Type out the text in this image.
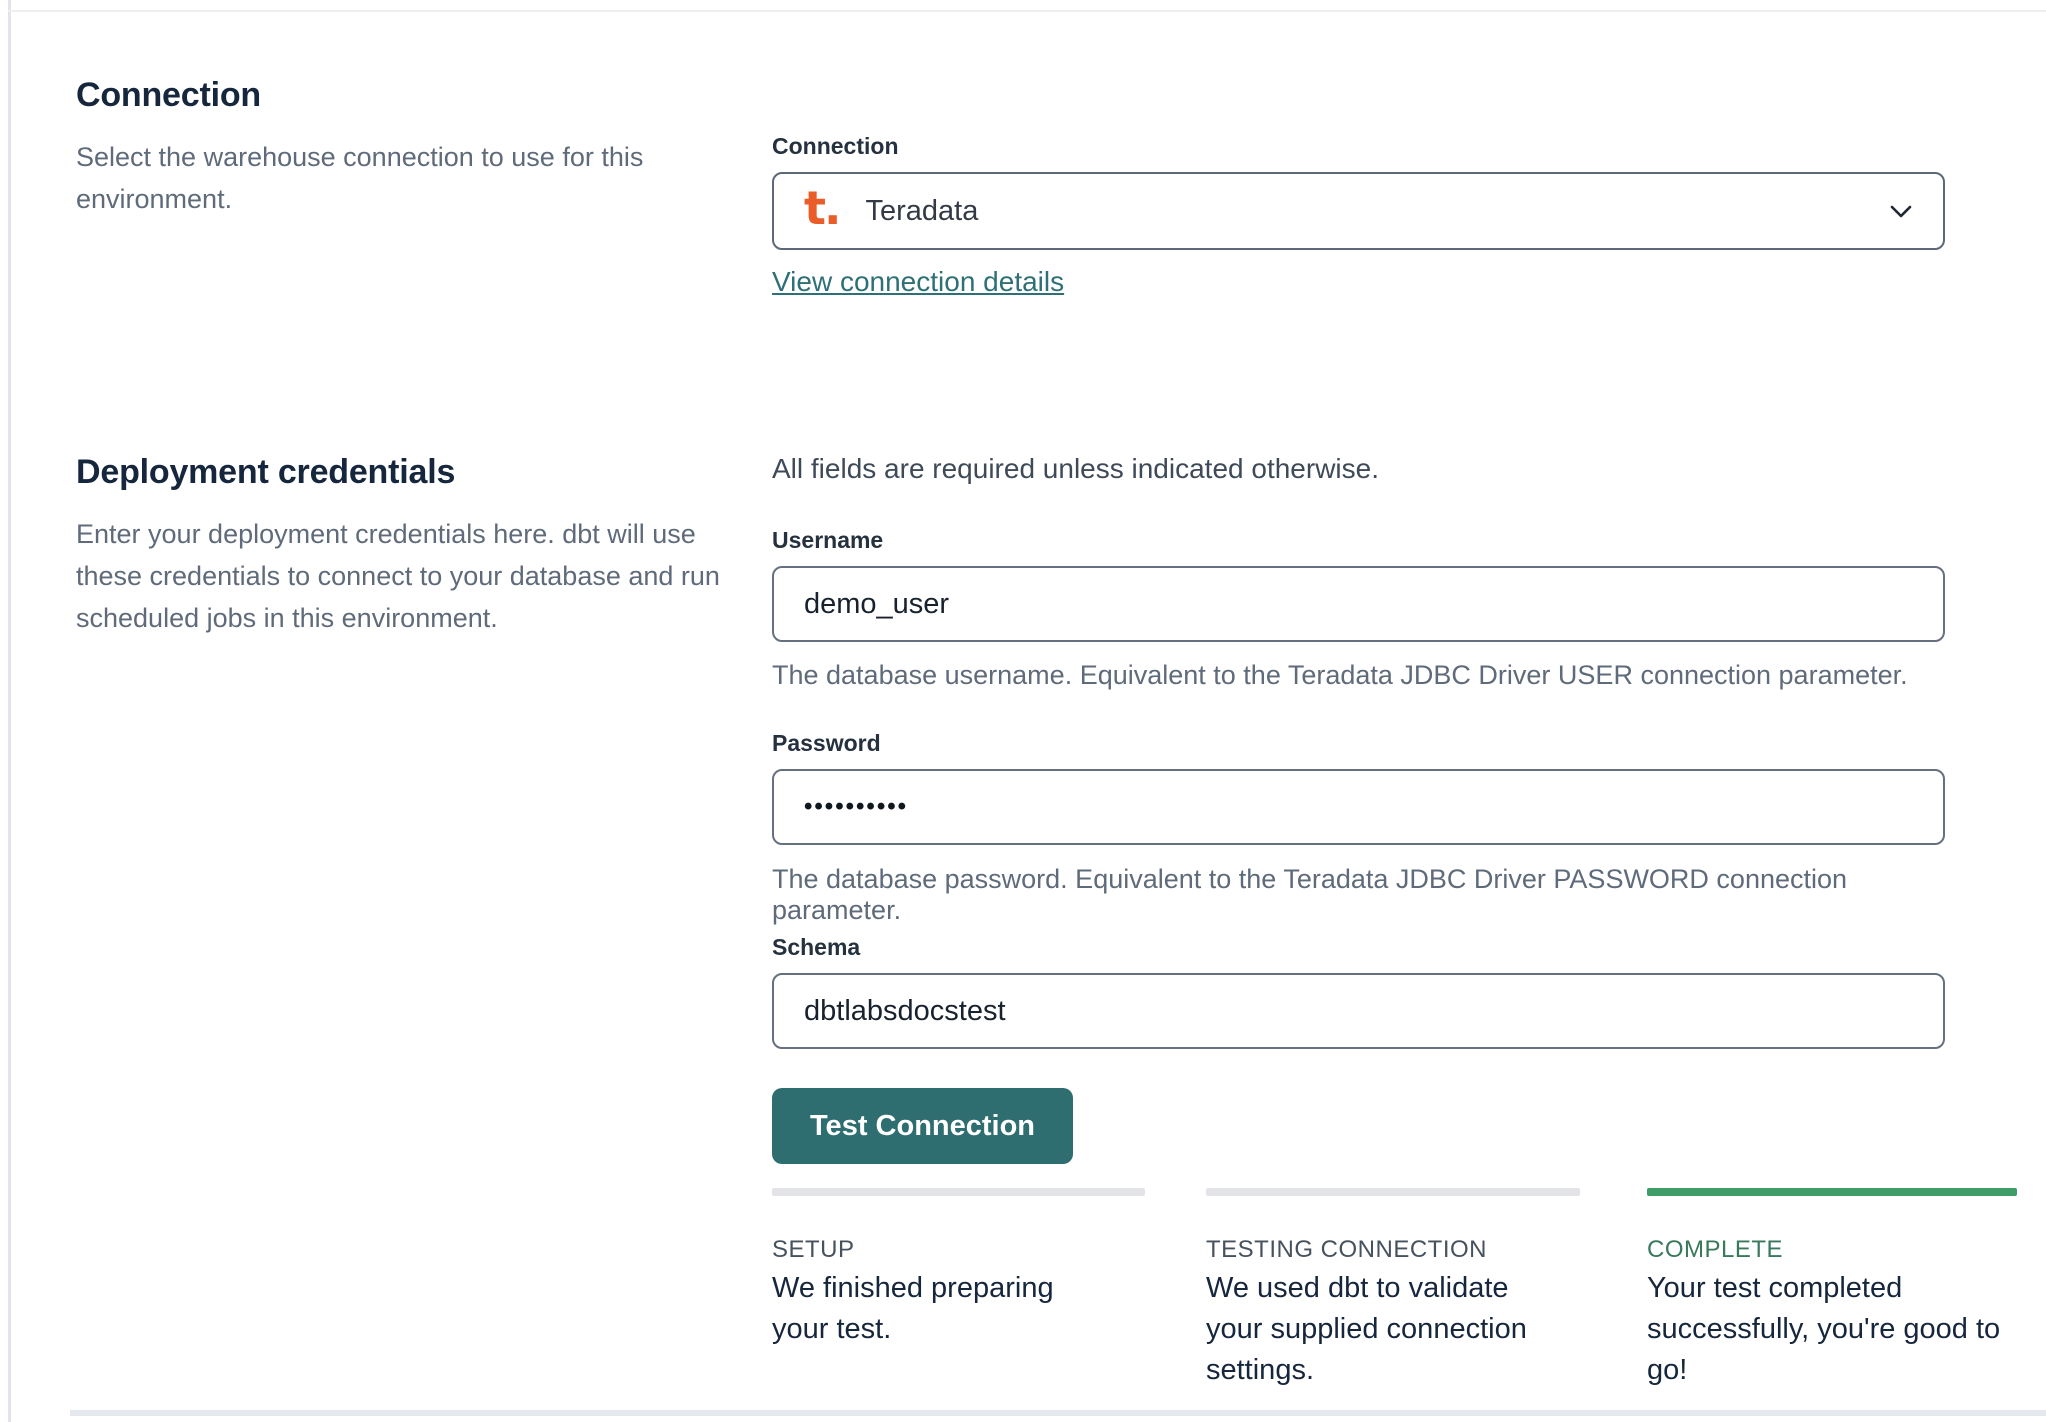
Connection

Select the warehouse connection to use for this environment.

Connection
t. Teradata
View connection details
Deployment credentials

Enter your deployment credentials here. dbt will use these credentials to connect to your database and run scheduled jobs in this environment.

All fields are required unless indicated otherwise.
Username
demo_user
The database username. Equivalent to the Teradata JDBC Driver USER connection parameter.
Password
••••••••••
The database password. Equivalent to the Teradata JDBC Driver PASSWORD connection parameter.
Schema
dbtlabsdocstest
Test Connection
SETUP	TESTING CONNECTION	COMPLETE
We finished preparing your test.
We used dbt to validate your supplied connection settings.
Your test completed successfully, you're good to go!
